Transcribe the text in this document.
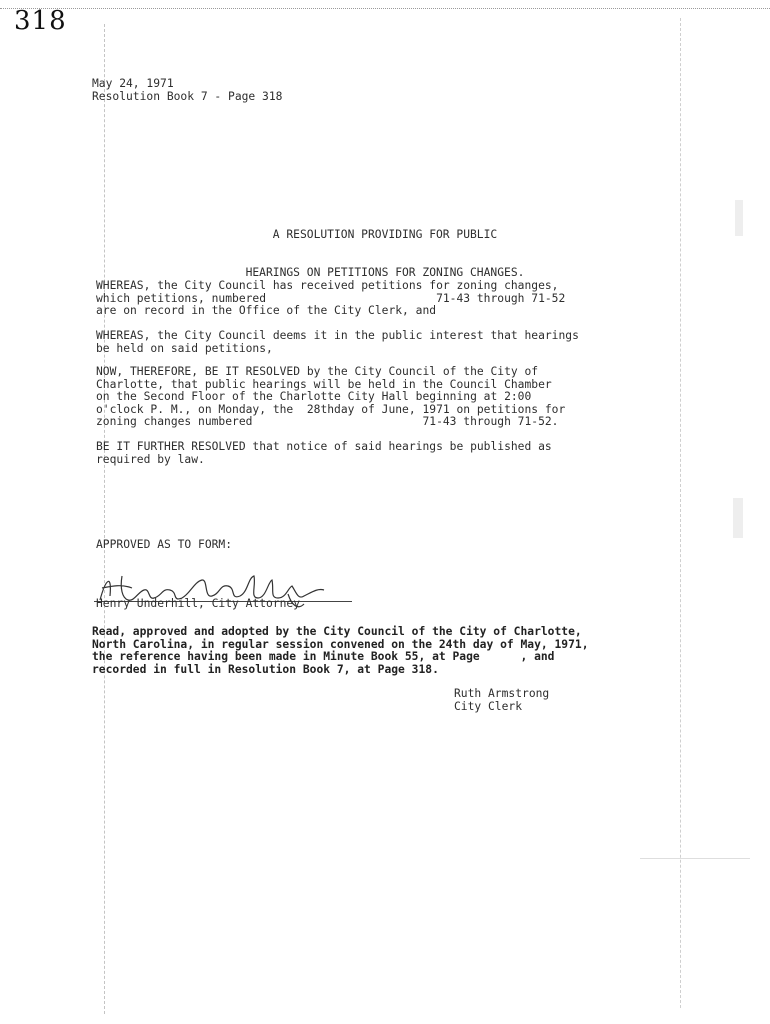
318
May 24, 1971
Resolution Book 7 - Page 318

A RESOLUTION PROVIDING FOR PUBLIC

HEARINGS ON PETITIONS FOR ZONING CHANGES.

WHEREAS, the City Council has received petitions for zoning changes,
which petitions, numbered                         71-43 through 71-52
are on record in the Office of the City Clerk, and
WHEREAS, the City Council deems it in the public interest that hearings
be held on said petitions,
NOW, THEREFORE, BE IT RESOLVED by the City Council of the City of
Charlotte, that public hearings will be held in the Council Chamber
on the Second Floor of the Charlotte City Hall beginning at 2:00
o'clock P. M., on Monday, the  28thday of June, 1971 on petitions for
zoning changes numbered                         71-43 through 71-52.
BE IT FURTHER RESOLVED that notice of said hearings be published as
required by law.
APPROVED AS TO FORM:
Henry Underhill, City Attorney
Read, approved and adopted by the City Council of the City of Charlotte,
North Carolina, in regular session convened on the 24th day of May, 1971,
the reference having been made in Minute Book 55, at Page      , and
recorded in full in Resolution Book 7, at Page 318.
Ruth Armstrong
City Clerk
